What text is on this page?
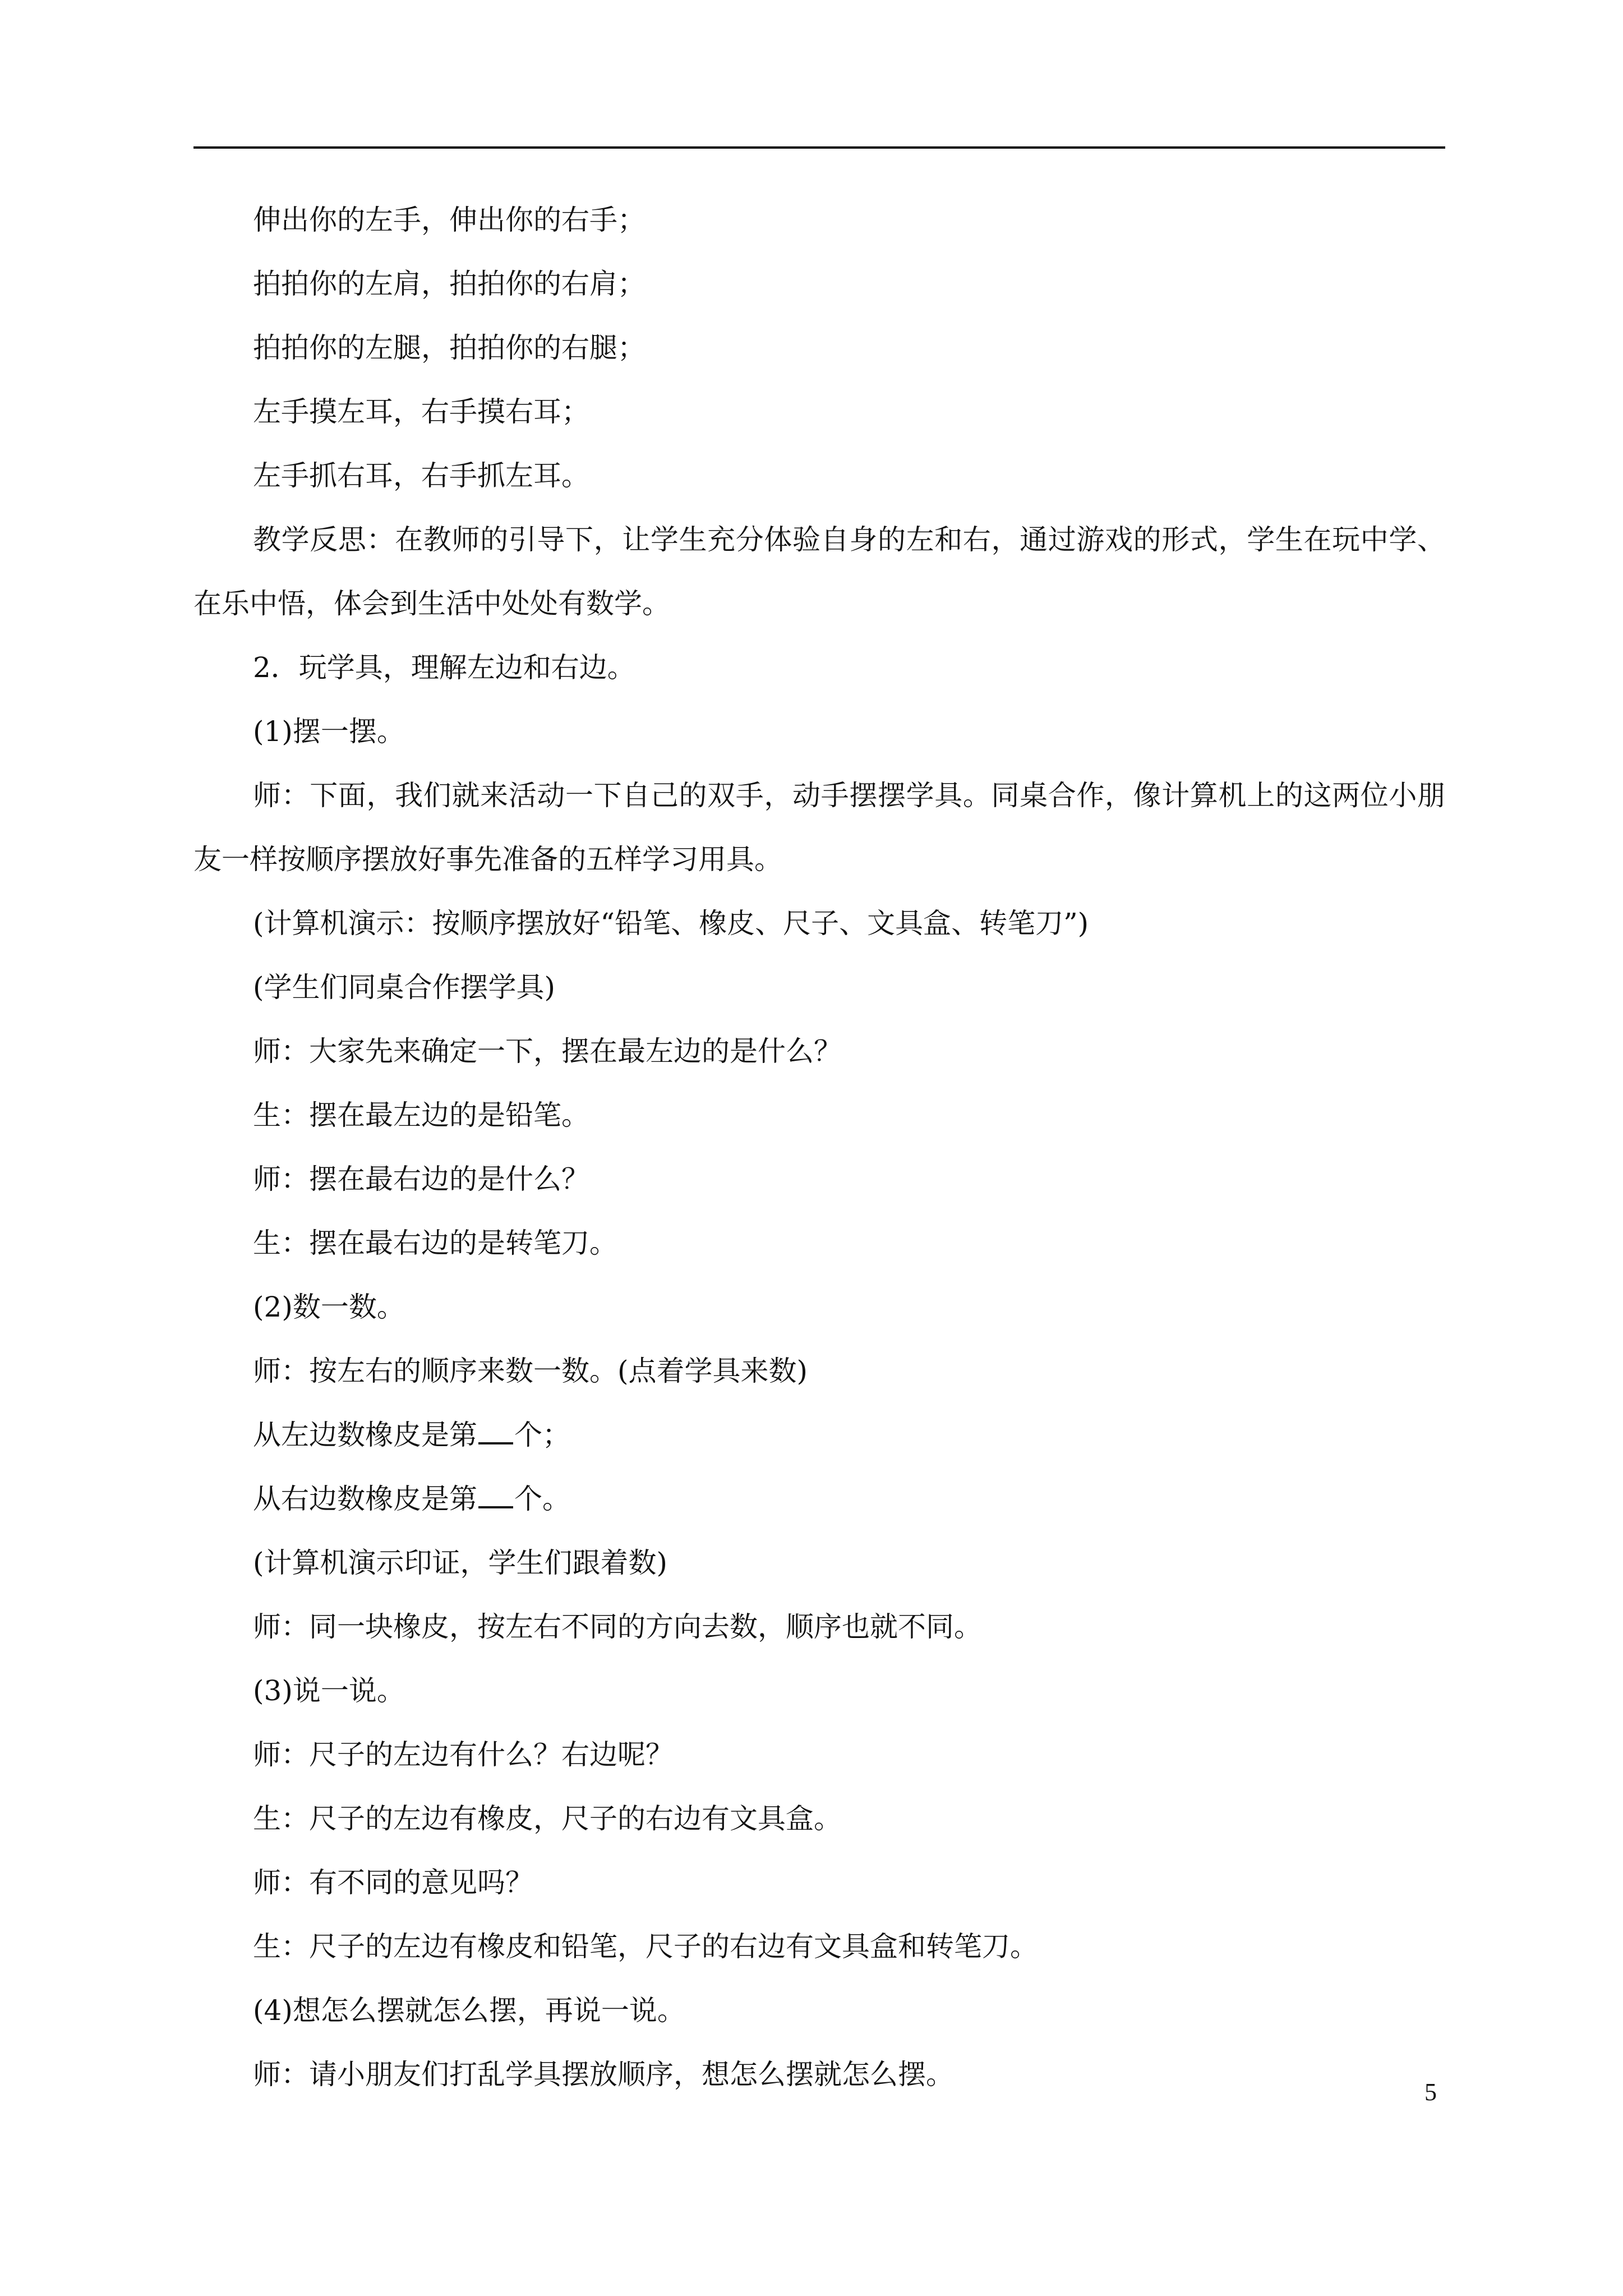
伸出你的左手，伸出你的右手；

拍拍你的左肩，拍拍你的右肩；

拍拍你的左腿，拍拍你的右腿；

左手摸左耳，右手摸右耳；

左手抓右耳，右手抓左耳。

教学反思：在教师的引导下，让学生充分体验自身的左和右，通过游戏的形式，学生在玩中学、在乐中悟，体会到生活中处处有数学。

2．玩学具，理解左边和右边。

(1)摆一摆。

师：下面，我们就来活动一下自己的双手，动手摆摆学具。同桌合作，像计算机上的这两位小朋友一样按顺序摆放好事先准备的五样学习用具。

(计算机演示：按顺序摆放好“铅笔、橡皮、尺子、文具盒、转笔刀”)

(学生们同桌合作摆学具)

师：大家先来确定一下，摆在最左边的是什么？

生：摆在最左边的是铅笔。

师：摆在最右边的是什么？

生：摆在最右边的是转笔刀。

(2)数一数。

师：按左右的顺序来数一数。(点着学具来数)

从左边数橡皮是第 个；

从右边数橡皮是第 个。

(计算机演示印证，学生们跟着数)

师：同一块橡皮，按左右不同的方向去数，顺序也就不同。

(3)说一说。

师：尺子的左边有什么？右边呢？

生：尺子的左边有橡皮，尺子的右边有文具盒。

师：有不同的意见吗？

生：尺子的左边有橡皮和铅笔，尺子的右边有文具盒和转笔刀。

(4)想怎么摆就怎么摆，再说一说。

师：请小朋友们打乱学具摆放顺序，想怎么摆就怎么摆。

5
